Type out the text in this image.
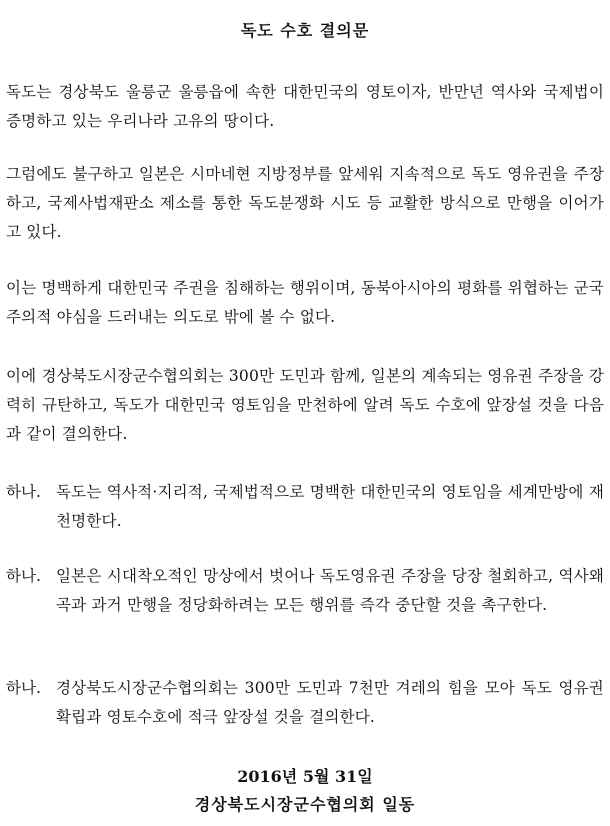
독도 수호 결의문
독도는 경상북도 울릉군 울릉읍에 속한 대한민국의 영토이자, 반만년 역사와 국제법이 증명하고 있는 우리나라 고유의 땅이다.
그럼에도 불구하고 일본은 시마네현 지방정부를 앞세워 지속적으로 독도 영유권을 주장하고, 국제사법재판소 제소를 통한 독도분쟁화 시도 등 교활한 방식으로 만행을 이어가고 있다.
이는 명백하게 대한민국 주권을 침해하는 행위이며, 동북아시아의 평화를 위협하는 군국주의적 야심을 드러내는 의도로 밖에 볼 수 없다.
이에 경상북도시장군수협의회는 300만 도민과 함께, 일본의 계속되는 영유권 주장을 강력히 규탄하고, 독도가 대한민국 영토임을 만천하에 알려 독도 수호에 앞장설 것을 다음과 같이 결의한다.
하나. 독도는 역사적·지리적, 국제법적으로 명백한 대한민국의 영토임을 세계만방에 재천명한다.
하나. 일본은 시대착오적인 망상에서 벗어나 독도영유권 주장을 당장 철회하고, 역사왜곡과 과거 만행을 정당화하려는 모든 행위를 즉각 중단할 것을 촉구한다.
하나. 경상북도시장군수협의회는 300만 도민과 7천만 겨레의 힘을 모아 독도 영유권 확립과 영토수호에 적극 앞장설 것을 결의한다.
2016년 5월 31일
경상북도시장군수협의회 일동
